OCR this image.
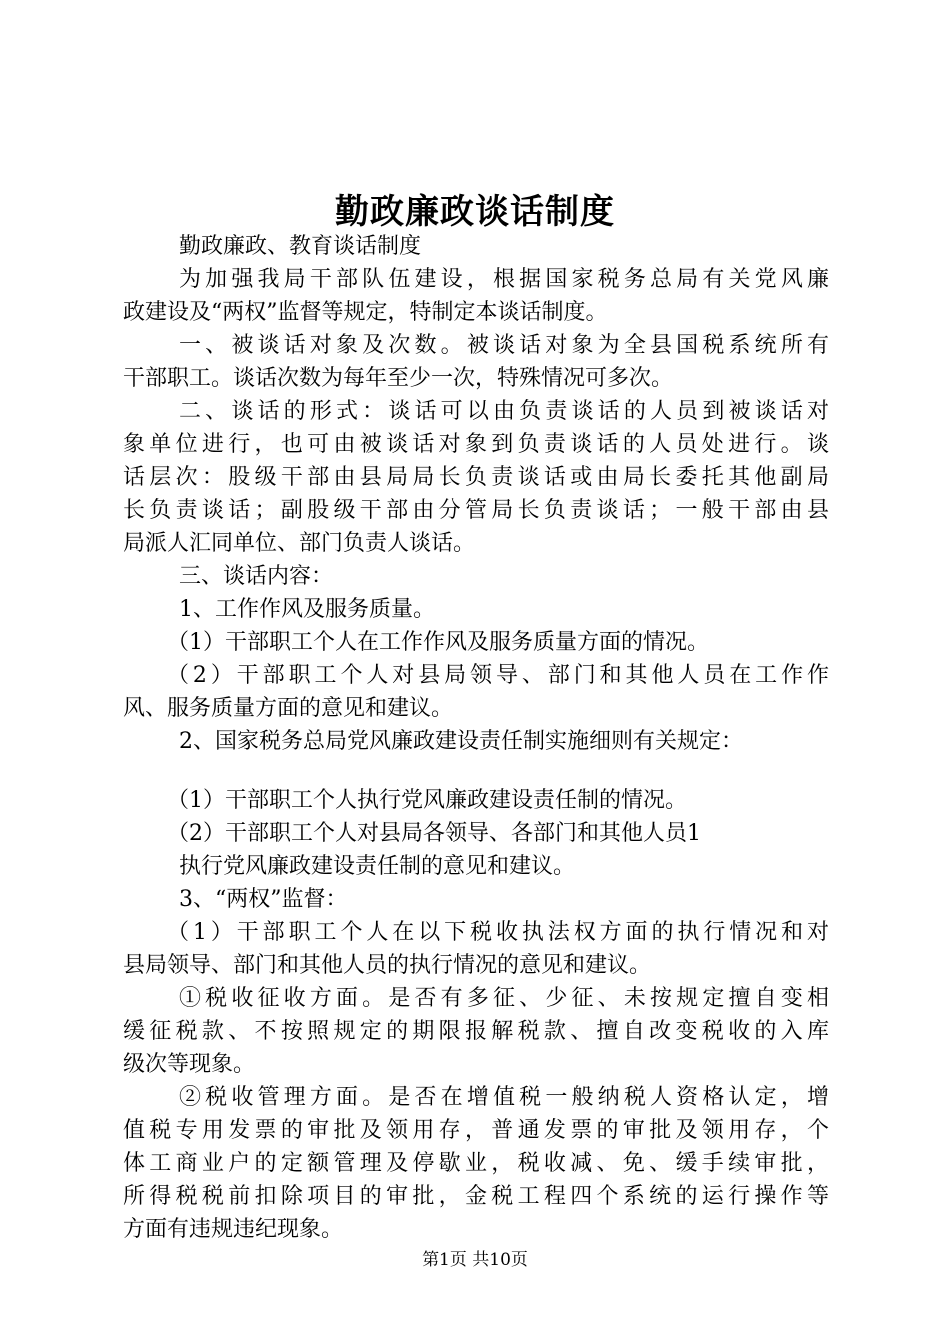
勤政廉政谈话制度
勤政廉政、教育谈话制度
为加强我局干部队伍建设，根据国家税务总局有关党风廉
政建设及“两权”监督等规定，特制定本谈话制度。
一、被谈话对象及次数。被谈话对象为全县国税系统所有
干部职工。谈话次数为每年至少一次，特殊情况可多次。
二、谈话的形式：谈话可以由负责谈话的人员到被谈话对
象单位进行，也可由被谈话对象到负责谈话的人员处进行。谈
话层次：股级干部由县局局长负责谈话或由局长委托其他副局
长负责谈话；副股级干部由分管局长负责谈话；一般干部由县
局派人汇同单位、部门负责人谈话。
三、谈话内容：
1、工作作风及服务质量。
（1）干部职工个人在工作作风及服务质量方面的情况。
（2）干部职工个人对县局领导、部门和其他人员在工作作
风、服务质量方面的意见和建议。
2、国家税务总局党风廉政建设责任制实施细则有关规定：
（1）干部职工个人执行党风廉政建设责任制的情况。
（2）干部职工个人对县局各领导、各部门和其他人员1
执行党风廉政建设责任制的意见和建议。
3、“两权”监督：
（1）干部职工个人在以下税收执法权方面的执行情况和对
县局领导、部门和其他人员的执行情况的意见和建议。
①税收征收方面。是否有多征、少征、未按规定擅自变相
缓征税款、不按照规定的期限报解税款、擅自改变税收的入库
级次等现象。
②税收管理方面。是否在增值税一般纳税人资格认定，增
值税专用发票的审批及领用存，普通发票的审批及领用存，个
体工商业户的定额管理及停歇业，税收减、免、缓手续审批，
所得税税前扣除项目的审批，金税工程四个系统的运行操作等
方面有违规违纪现象。
第1页 共10页
